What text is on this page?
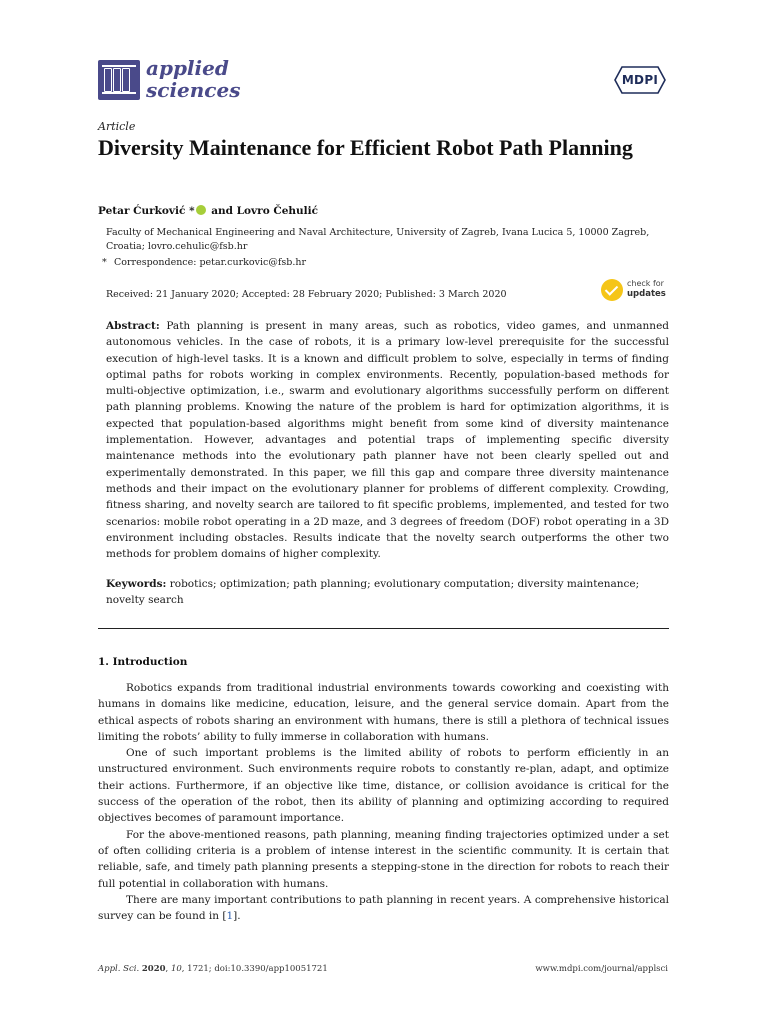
applied
sciences	MDPI
Article
Diversity Maintenance for Efficient Robot Path Planning
Petar Ćurković * and Lovro Čehulić
Faculty of Mechanical Engineering and Naval Architecture, University of Zagreb, Ivana Lucica 5, 10000 Zagreb, Croatia; lovro.cehulic@fsb.hr
* Correspondence: petar.curkovic@fsb.hr
Received: 21 January 2020; Accepted: 28 February 2020; Published: 3 March 2020
check for
updates
Abstract: Path planning is present in many areas, such as robotics, video games, and unmanned autonomous vehicles. In the case of robots, it is a primary low-level prerequisite for the successful execution of high-level tasks. It is a known and difficult problem to solve, especially in terms of finding optimal paths for robots working in complex environments. Recently, population-based methods for multi-objective optimization, i.e., swarm and evolutionary algorithms successfully perform on different path planning problems. Knowing the nature of the problem is hard for optimization algorithms, it is expected that population-based algorithms might benefit from some kind of diversity maintenance implementation. However, advantages and potential traps of implementing specific diversity maintenance methods into the evolutionary path planner have not been clearly spelled out and experimentally demonstrated. In this paper, we fill this gap and compare three diversity maintenance methods and their impact on the evolutionary planner for problems of different complexity. Crowding, fitness sharing, and novelty search are tailored to fit specific problems, implemented, and tested for two scenarios: mobile robot operating in a 2D maze, and 3 degrees of freedom (DOF) robot operating in a 3D environment including obstacles. Results indicate that the novelty search outperforms the other two methods for problem domains of higher complexity.
Keywords: robotics; optimization; path planning; evolutionary computation; diversity maintenance; novelty search
1. Introduction

Robotics expands from traditional industrial environments towards coworking and coexisting with humans in domains like medicine, education, leisure, and the general service domain. Apart from the ethical aspects of robots sharing an environment with humans, there is still a plethora of technical issues limiting the robots’ ability to fully immerse in collaboration with humans.

One of such important problems is the limited ability of robots to perform efficiently in an unstructured environment. Such environments require robots to constantly re-plan, adapt, and optimize their actions. Furthermore, if an objective like time, distance, or collision avoidance is critical for the success of the operation of the robot, then its ability of planning and optimizing according to required objectives becomes of paramount importance.

For the above-mentioned reasons, path planning, meaning finding trajectories optimized under a set of often colliding criteria is a problem of intense interest in the scientific community. It is certain that reliable, safe, and timely path planning presents a stepping-stone in the direction for robots to reach their full potential in collaboration with humans.

There are many important contributions to path planning in recent years. A comprehensive historical survey can be found in [1].

Appl. Sci. 2020, 10, 1721; doi:10.3390/app10051721	www.mdpi.com/journal/applsci
